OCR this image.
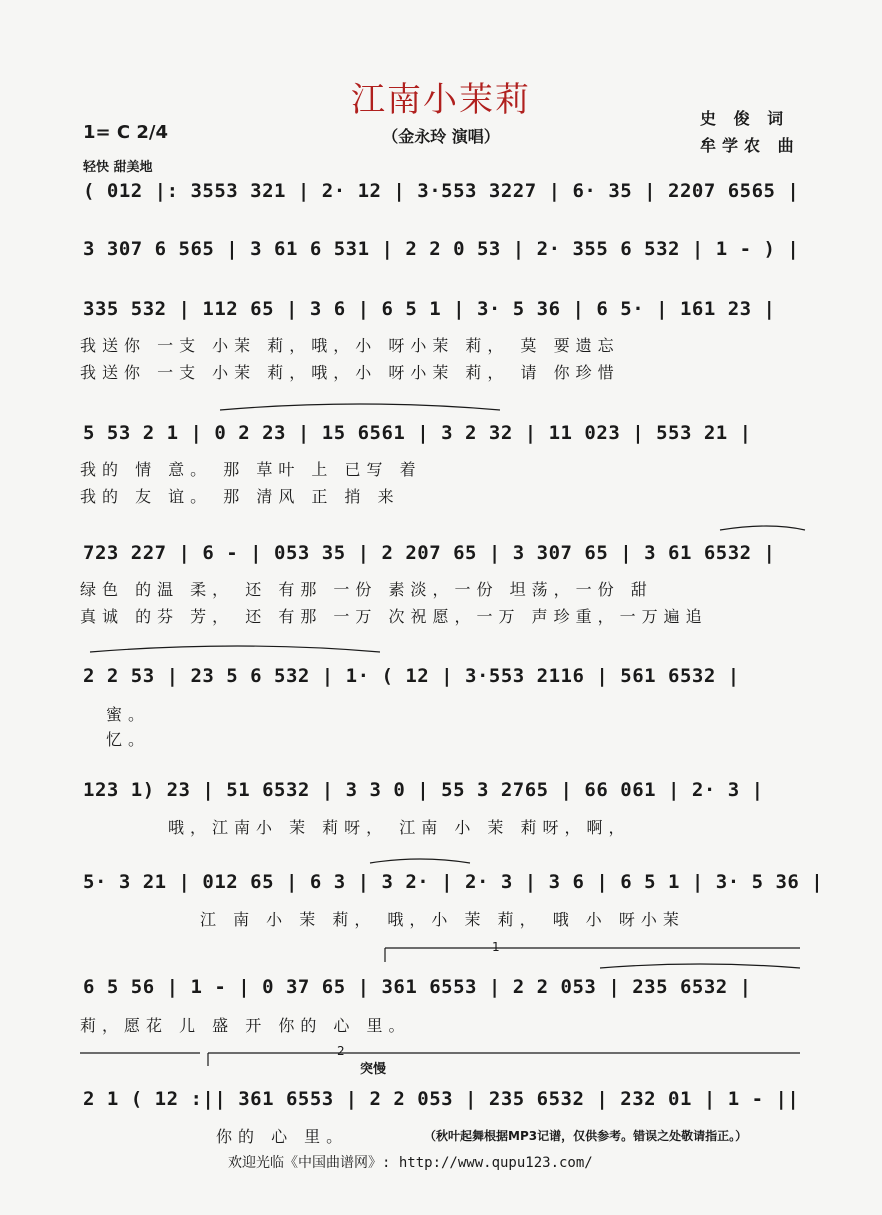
江南小茉莉
（金永玲 演唱）
史 俊 词
牟学农 曲
1= C 2/4
轻快 甜美地
( 012 |: 3553 321 | 2· 12 | 3·553 3227 | 6· 35 | 2207 6565 |
3 307 6 565 | 3 61 6 531 | 2 2 0 53 | 2· 355 6 532 | 1 - ) |
335 532 | 112 65 | 3 6 | 6 5 1 | 3· 5 36 | 6 5· | 161 23 |
我送你 一支 小茉 莉，哦，小 呀小茉 莉， 莫 要遗忘
我送你 一支 小茉 莉，哦，小 呀小茉 莉， 请 你珍惜
5 53 2 1 | 0 2 23 | 15 6561 | 3 2 32 | 11 023 | 553 21 |
我的 情 意。 那 草叶 上 已写 着
我的 友 谊。 那 清风 正 捎 来
723 227 | 6 - | 053 35 | 2 207 65 | 3 307 65 | 3 61 6532 |
绿色 的温 柔， 还 有那 一份 素淡，一份 坦荡，一份 甜
真诚 的芬 芳， 还 有那 一万 次祝愿，一万 声珍重，一万遍追
2 2 53 | 23 5 6 532 | 1· ( 12 | 3·553 2116 | 561 6532 |
蜜。
忆。
123 1) 23 | 51 6532 | 3 3 0 | 55 3 2765 | 66 061 | 2· 3 |
哦，江南小 茉 莉呀， 江南 小 茉 莉呀，啊，
5· 3 21 | 012 65 | 6 3 | 3 2· | 2· 3 | 3 6 | 6 5 1 | 3· 5 36 |
江 南 小 茉 莉， 哦，小 茉 莉， 哦 小 呀小茉
6 5 56 | 1 - | 0 37 65 | 361 6553 | 2 2 053 | 235 6532 |
莉，愿花 儿 盛 开 你的 心 里。
2
1
突慢
2 1 ( 12 :|| 361 6553 | 2 2 053 | 235 6532 | 232 01 | 1 - ||
你的 心 里。	（秋叶起舞根据MP3记谱，仅供参考。错误之处敬请指正。）
欢迎光临《中国曲谱网》: http://www.qupu123.com/
